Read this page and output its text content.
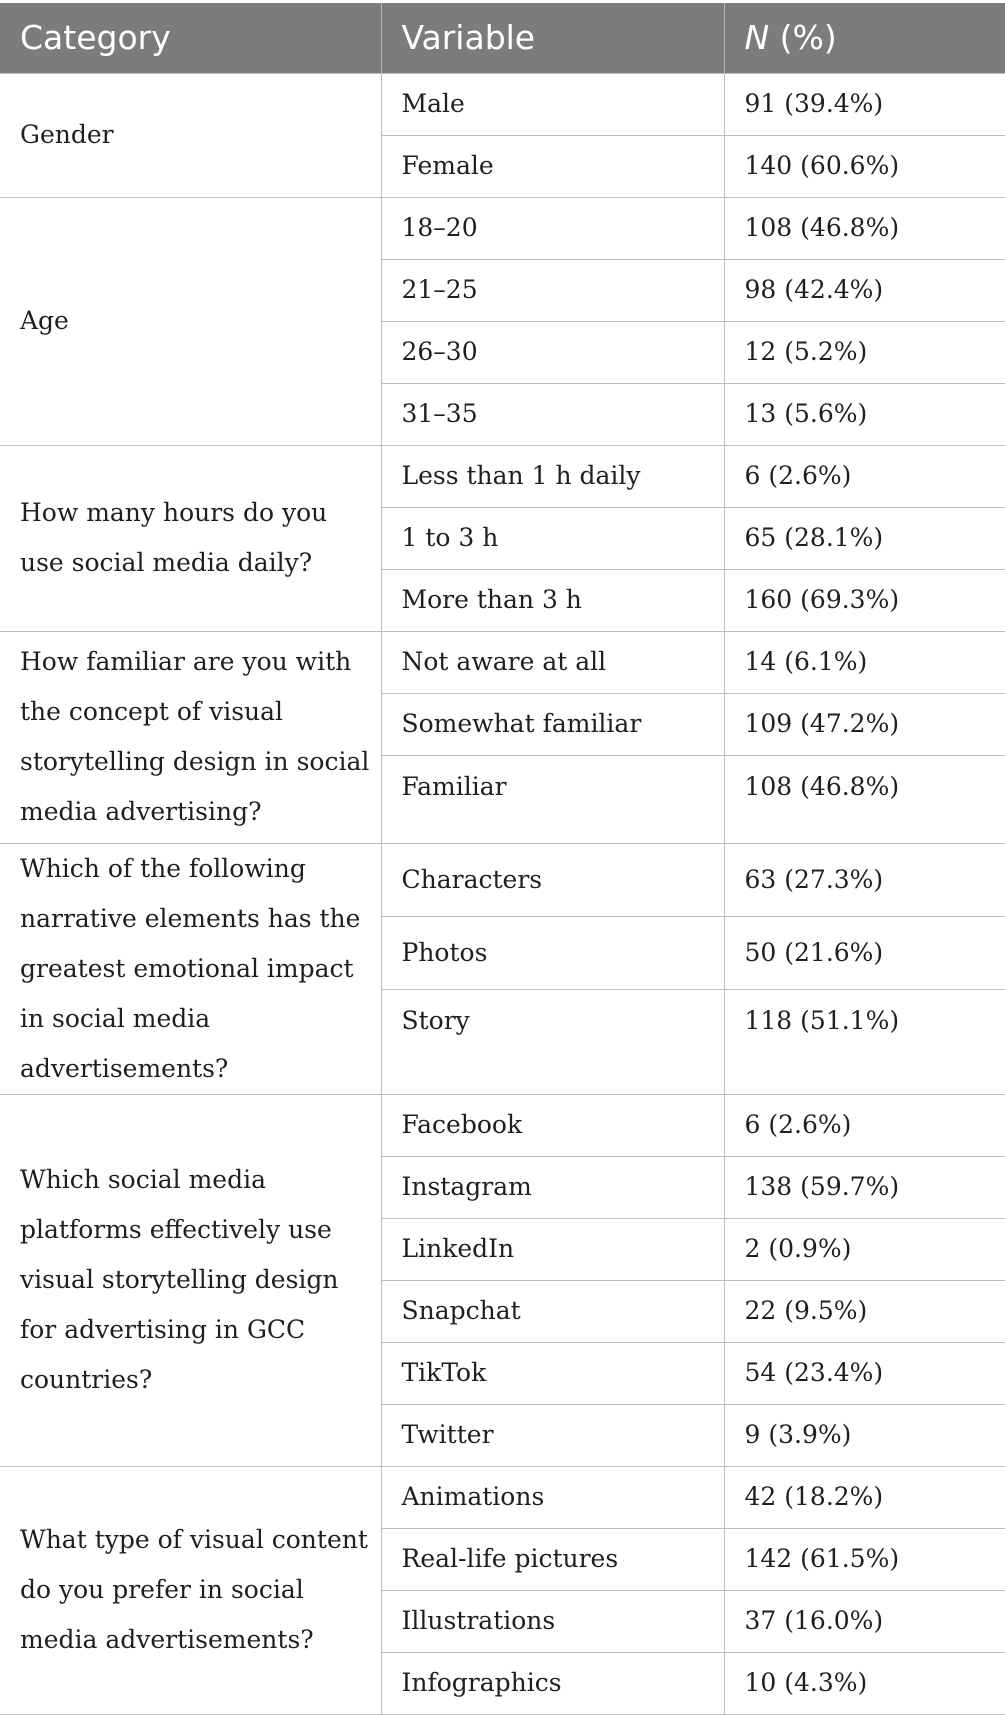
Category	Variable	N (%)
Gender	Male	91 (39.4%)
	Female	140 (60.6%)
Age	18–20	108 (46.8%)
	21–25	98 (42.4%)
	26–30	12 (5.2%)
	31–35	13 (5.6%)
How many hours do you use social media daily?	Less than 1 h daily	6 (2.6%)
	1 to 3 h	65 (28.1%)
	More than 3 h	160 (69.3%)
How familiar are you with the concept of visual storytelling design in social media advertising?	Not aware at all	14 (6.1%)
	Somewhat familiar	109 (47.2%)
	Familiar	108 (46.8%)
Which of the following narrative elements has the greatest emotional impact in social media advertisements?	Characters	63 (27.3%)
	Photos	50 (21.6%)
	Story	118 (51.1%)
Which social media platforms effectively use visual storytelling design for advertising in GCC countries?	Facebook	6 (2.6%)
	Instagram	138 (59.7%)
	LinkedIn	2 (0.9%)
	Snapchat	22 (9.5%)
	TikTok	54 (23.4%)
	Twitter	9 (3.9%)
What type of visual content do you prefer in social media advertisements?	Animations	42 (18.2%)
	Real-life pictures	142 (61.5%)
	Illustrations	37 (16.0%)
	Infographics	10 (4.3%)
